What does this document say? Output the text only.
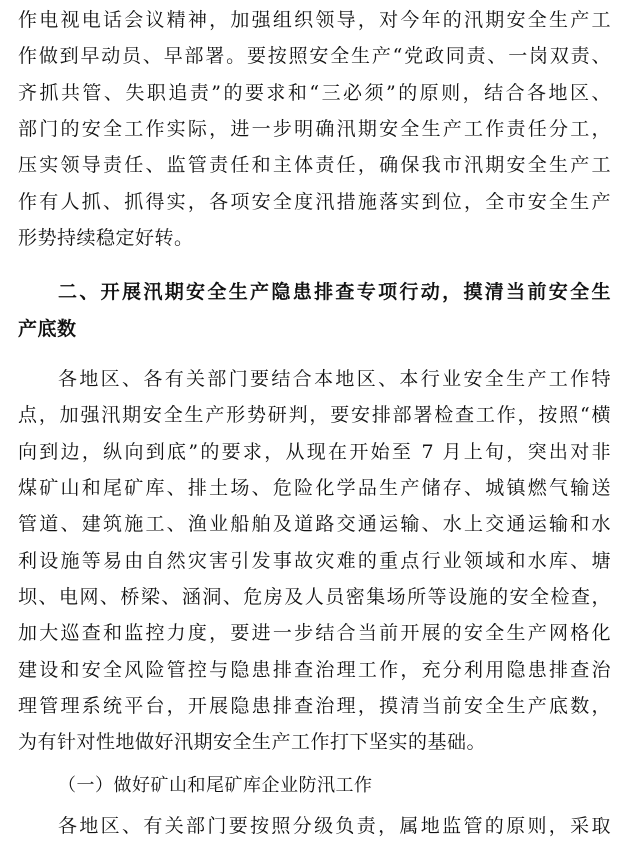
作电视电话会议精神，加强组织领导，对今年的汛期安全生产工
作做到早动员、早部署。要按照安全生产“党政同责、一岗双责、
齐抓共管、失职追责”的要求和“三必须”的原则，结合各地区、
部门的安全工作实际，进一步明确汛期安全生产工作责任分工，
压实领导责任、监管责任和主体责任，确保我市汛期安全生产工
作有人抓、抓得实，各项安全度汛措施落实到位，全市安全生产
形势持续稳定好转。
二、开展汛期安全生产隐患排查专项行动，摸清当前安全生
产底数
各地区、各有关部门要结合本地区、本行业安全生产工作特
点，加强汛期安全生产形势研判，要安排部署检查工作，按照“横
向到边，纵向到底”的要求，从现在开始至 7 月上旬，突出对非
煤矿山和尾矿库、排土场、危险化学品生产储存、城镇燃气输送
管道、建筑施工、渔业船舶及道路交通运输、水上交通运输和水
利设施等易由自然灾害引发事故灾难的重点行业领域和水库、塘
坝、电网、桥梁、涵洞、危房及人员密集场所等设施的安全检查，
加大巡查和监控力度，要进一步结合当前开展的安全生产网格化
建设和安全风险管控与隐患排查治理工作，充分利用隐患排查治
理管理系统平台，开展隐患排查治理，摸清当前安全生产底数，
为有针对性地做好汛期安全生产工作打下坚实的基础。
（一）做好矿山和尾矿库企业防汛工作
各地区、有关部门要按照分级负责，属地监管的原则，采取
